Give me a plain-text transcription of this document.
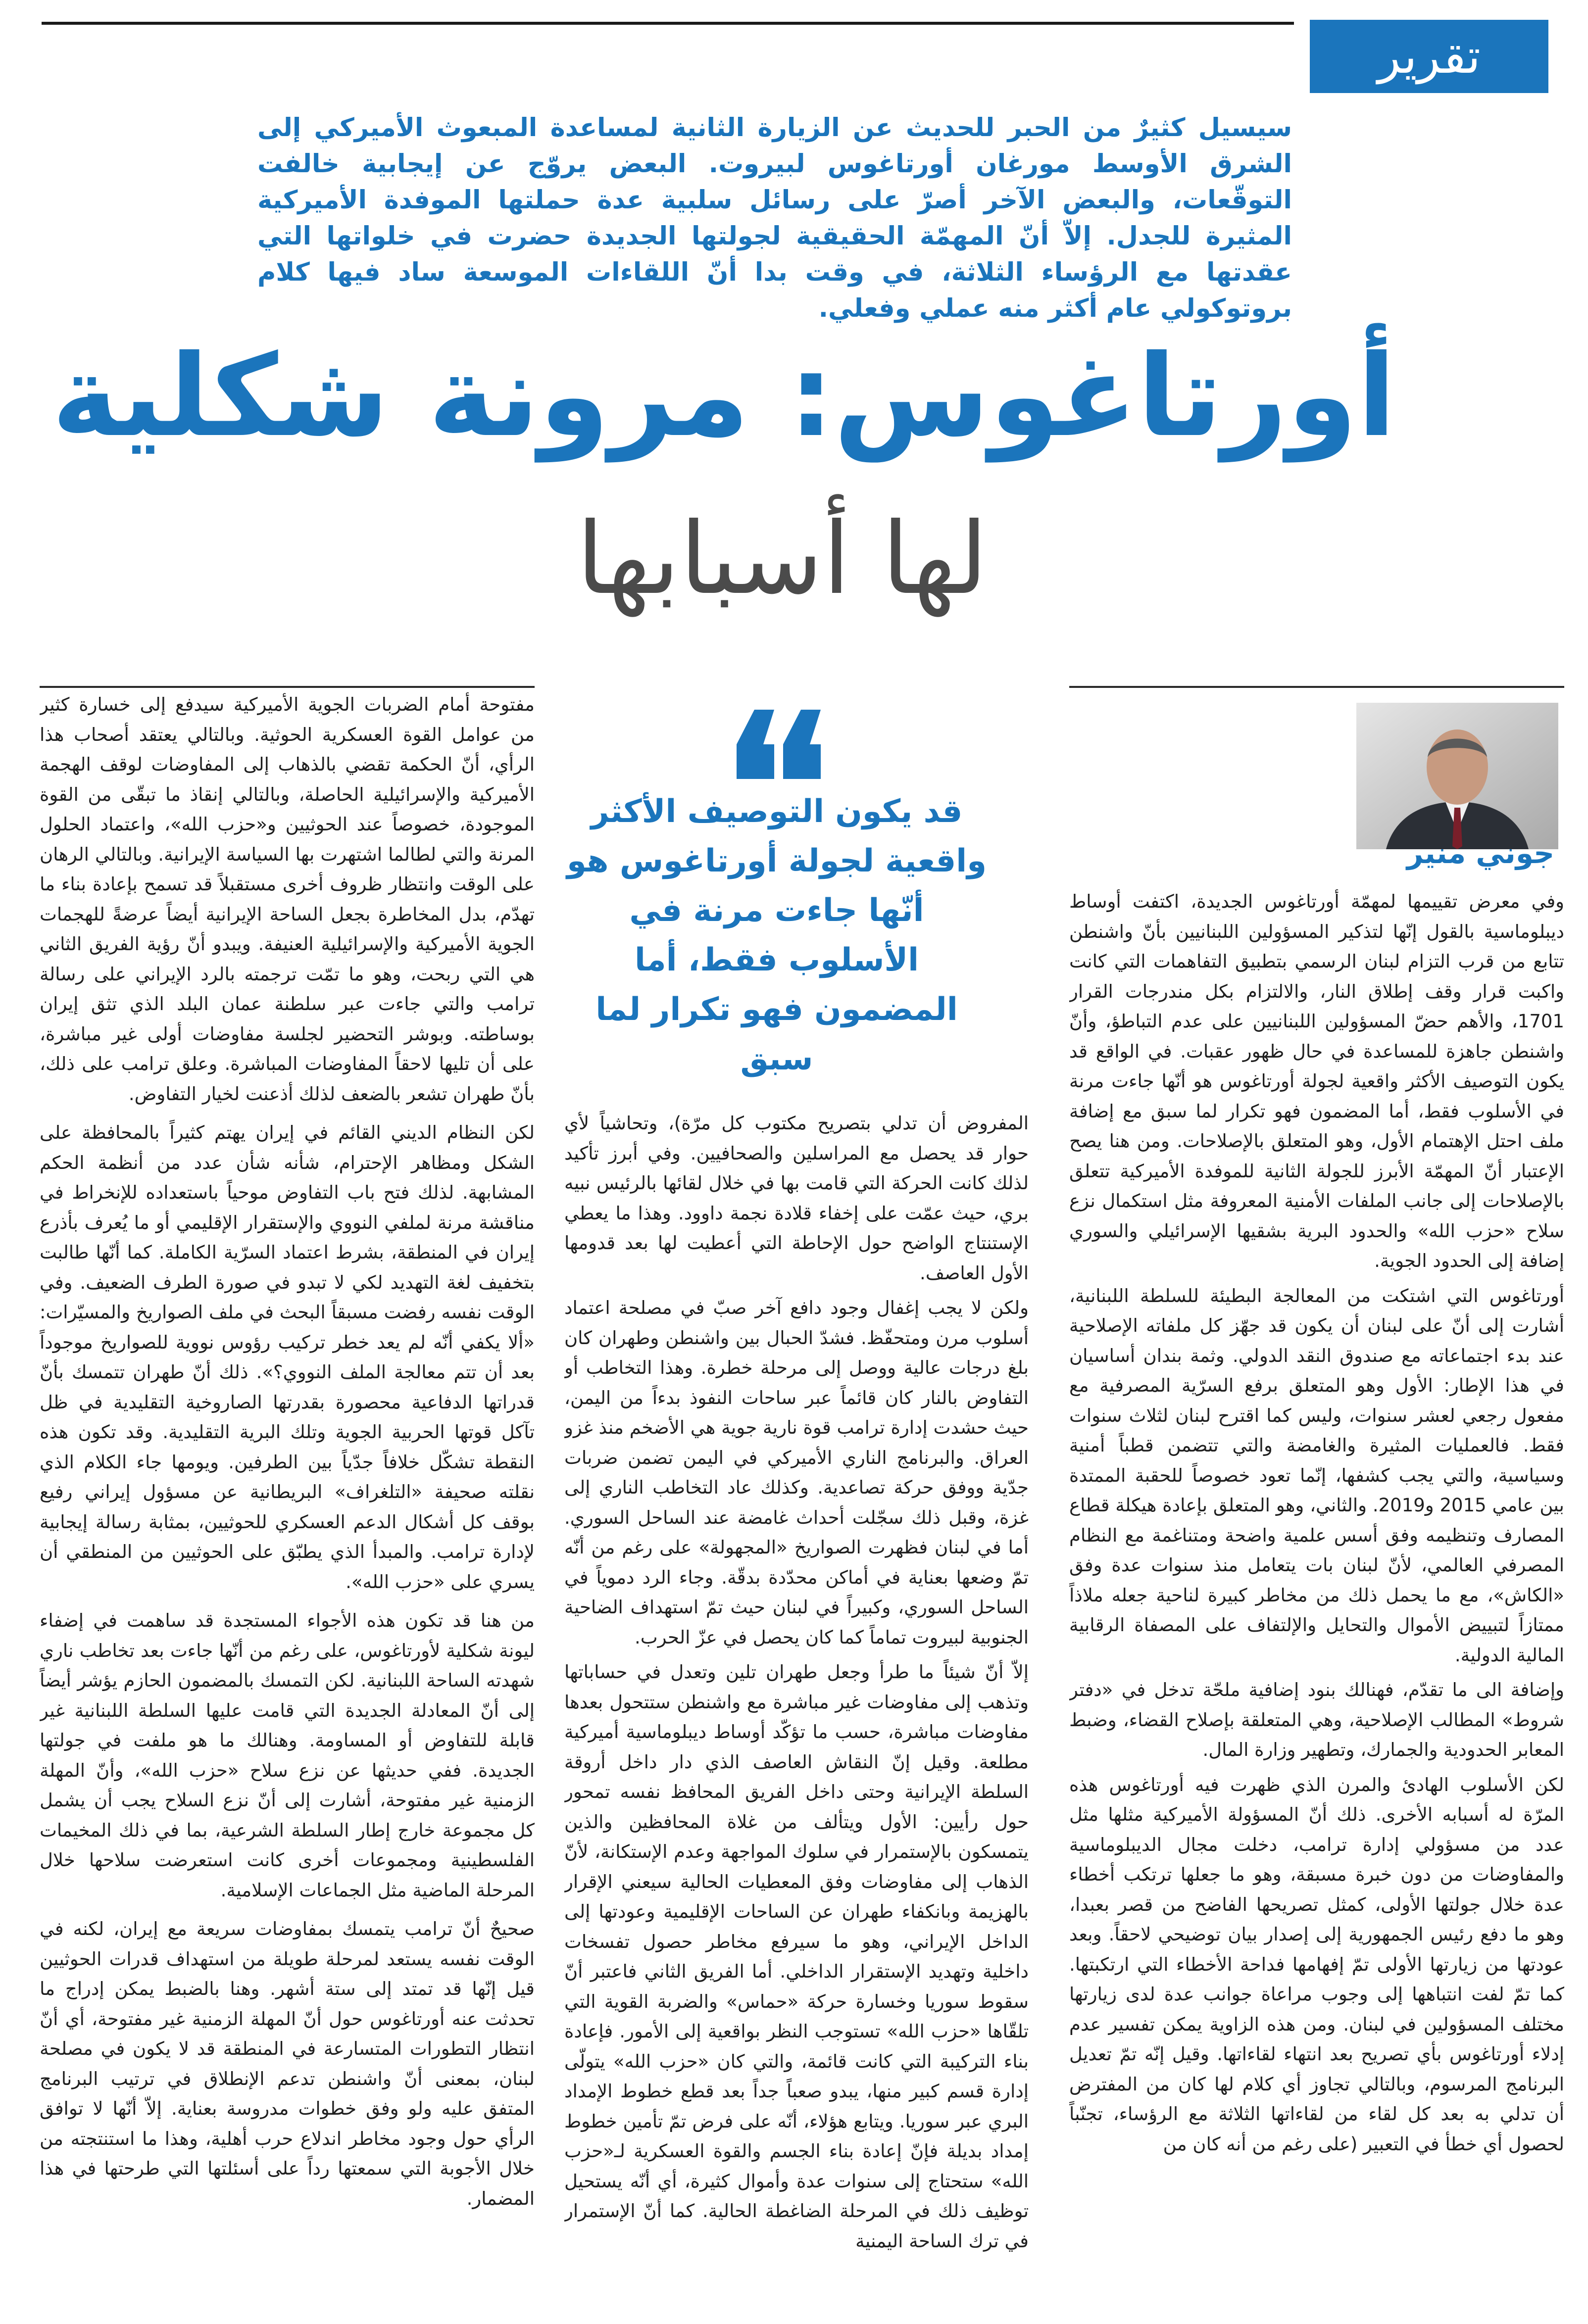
تقرير

سيسيل كثيرٌ من الحبر للحديث عن الزيارة الثانية لمساعدة المبعوث الأميركي إلى الشرق الأوسط مورغان أورتاغوس لبيروت. البعض يروّج عن إيجابية خالفت التوقّعات، والبعض الآخر أصرّ على رسائل سلبية عدة حملتها الموفدة الأميركية المثيرة للجدل. إلاّ أنّ المهمّة الحقيقية لجولتها الجديدة حضرت في خلواتها التي عقدتها مع الرؤساء الثلاثة، في وقت بدا أنّ اللقاءات الموسعة ساد فيها كلام بروتوكولي عام أكثر منه عملي وفعلي.

أورتاغوس: مرونة شكلية
لها أسبابها

جوني منير

قد يكون التوصيف الأكثر واقعية لجولة أورتاغوس هو أنّها جاءت مرنة في الأسلوب فقط، أما المضمون فهو تكرار لما سبق

وفي معرض تقييمها لمهمّة أورتاغوس الجديدة، اكتفت أوساط ديبلوماسية بالقول إنّها لتذكير المسؤولين اللبنانيين بأنّ واشنطن تتابع من قرب التزام لبنان الرسمي بتطبيق التفاهمات التي كانت واكبت قرار وقف إطلاق النار، والالتزام بكل مندرجات القرار 1701، والأهم حضّ المسؤولين اللبنانيين على عدم التباطؤ، وأنّ واشنطن جاهزة للمساعدة في حال ظهور عقبات. في الواقع قد يكون التوصيف الأكثر واقعية لجولة أورتاغوس هو أنّها جاءت مرنة في الأسلوب فقط، أما المضمون فهو تكرار لما سبق مع إضافة ملف احتل الإهتمام الأول، وهو المتعلق بالإصلاحات. ومن هنا يصح الإعتبار أنّ المهمّة الأبرز للجولة الثانية للموفدة الأميركية تتعلق بالإصلاحات إلى جانب الملفات الأمنية المعروفة مثل استكمال نزع سلاح «حزب الله» والحدود البرية بشقيها الإسرائيلي والسوري إضافة إلى الحدود الجوية.

أورتاغوس التي اشتكت من المعالجة البطيئة للسلطة اللبنانية، أشارت إلى أنّ على لبنان أن يكون قد جهّز كل ملفاته الإصلاحية عند بدء اجتماعاته مع صندوق النقد الدولي. وثمة بندان أساسيان في هذا الإطار: الأول وهو المتعلق برفع السرّية المصرفية مع مفعول رجعي لعشر سنوات، وليس كما اقترح لبنان لثلاث سنوات فقط. فالعمليات المثيرة والغامضة والتي تتضمن قطباً أمنية وسياسية، والتي يجب كشفها، إنّما تعود خصوصاً للحقبة الممتدة بين عامي 2015 و2019. والثاني، وهو المتعلق بإعادة هيكلة قطاع المصارف وتنظيمه وفق أسس علمية واضحة ومتناغمة مع النظام المصرفي العالمي، لأنّ لبنان بات يتعامل منذ سنوات عدة وفق «الكاش»، مع ما يحمل ذلك من مخاطر كبيرة لناحية جعله ملاذاً ممتازاً لتبييض الأموال والتحايل والإلتفاف على المصفاة الرقابية المالية الدولية.

وإضافة الى ما تقدّم، فهنالك بنود إضافية ملحّة تدخل في «دفتر شروط» المطالب الإصلاحية، وهي المتعلقة بإصلاح القضاء، وضبط المعابر الحدودية والجمارك، وتطهير وزارة المال.

لكن الأسلوب الهادئ والمرن الذي ظهرت فيه أورتاغوس هذه المرّة له أسبابه الأخرى. ذلك أنّ المسؤولة الأميركية مثلها مثل عدد من مسؤولي إدارة ترامب، دخلت مجال الديبلوماسية والمفاوضات من دون خبرة مسبقة، وهو ما جعلها ترتكب أخطاء عدة خلال جولتها الأولى، كمثل تصريحها الفاضح من قصر بعبدا، وهو ما دفع رئيس الجمهورية إلى إصدار بيان توضيحي لاحقاً. وبعد عودتها من زيارتها الأولى تمّ إفهامها فداحة الأخطاء التي ارتكبتها. كما تمّ لفت انتباهها إلى وجوب مراعاة جوانب عدة لدى زيارتها مختلف المسؤولين في لبنان. ومن هذه الزاوية يمكن تفسير عدم إدلاء أورتاغوس بأي تصريح بعد انتهاء لقاءاتها. وقيل إنّه تمّ تعديل البرنامج المرسوم، وبالتالي تجاوز أي كلام لها كان من المفترض أن تدلي به بعد كل لقاء من لقاءاتها الثلاثة مع الرؤساء، تجنّباً لحصول أي خطأ في التعبير (على رغم من أنه كان من

المفروض أن تدلي بتصريح مكتوب كل مرّة)، وتحاشياً لأي حوار قد يحصل مع المراسلين والصحافيين. وفي أبرز تأكيد لذلك كانت الحركة التي قامت بها في خلال لقائها بالرئيس نبيه بري، حيث عمّت على إخفاء قلادة نجمة داوود. وهذا ما يعطي الإستنتاج الواضح حول الإحاطة التي أعطيت لها بعد قدومها الأول العاصف.

ولكن لا يجب إغفال وجود دافع آخر صبّ في مصلحة اعتماد أسلوب مرن ومتحفّظ. فشدّ الحبال بين واشنطن وطهران كان بلغ درجات عالية ووصل إلى مرحلة خطرة. وهذا التخاطب أو التفاوض بالنار كان قائماً عبر ساحات النفوذ بدءاً من اليمن، حيث حشدت إدارة ترامب قوة نارية جوية هي الأضخم منذ غزو العراق. والبرنامج الناري الأميركي في اليمن تضمن ضربات جدّية ووفق حركة تصاعدية. وكذلك عاد التخاطب الناري إلى غزة، وقبل ذلك سجّلت أحداث غامضة عند الساحل السوري. أما في لبنان فظهرت الصواريخ «المجهولة» على رغم من أنّه تمّ وضعها بعناية في أماكن محدّدة بدقّة. وجاء الرد دموياً في الساحل السوري، وكبيراً في لبنان حيث تمّ استهداف الضاحية الجنوبية لبيروت تماماً كما كان يحصل في عزّ الحرب.

إلاّ أنّ شيئاً ما طرأ وجعل طهران تلين وتعدل في حساباتها وتذهب إلى مفاوضات غير مباشرة مع واشنطن ستتحول بعدها مفاوضات مباشرة، حسب ما تؤكّد أوساط ديبلوماسية أميركية مطلعة. وقيل إنّ النقاش العاصف الذي دار داخل أروقة السلطة الإيرانية وحتى داخل الفريق المحافظ نفسه تمحور حول رأيين: الأول ويتألف من غلاة المحافظين والذين يتمسكون بالإستمرار في سلوك المواجهة وعدم الإستكانة، لأنّ الذهاب إلى مفاوضات وفق المعطيات الحالية سيعني الإقرار بالهزيمة وبانكفاء طهران عن الساحات الإقليمية وعودتها إلى الداخل الإيراني، وهو ما سيرفع مخاطر حصول تفسخات داخلية وتهديد الإستقرار الداخلي. أما الفريق الثاني فاعتبر أنّ سقوط سوريا وخسارة حركة «حماس» والضربة القوية التي تلقّاها «حزب الله» تستوجب النظر بواقعية إلى الأمور. فإعادة بناء التركيبة التي كانت قائمة، والتي كان «حزب الله» يتولّى إدارة قسم كبير منها، يبدو صعباً جداً بعد قطع خطوط الإمداد البري عبر سوريا. ويتابع هؤلاء، أنّه على فرض تمّ تأمين خطوط إمداد بديلة فإنّ إعادة بناء الجسم والقوة العسكرية لـ«حزب الله» ستحتاج إلى سنوات عدة وأموال كثيرة، أي أنّه يستحيل توظيف ذلك في المرحلة الضاغطة الحالية. كما أنّ الإستمرار في ترك الساحة اليمنية

مفتوحة أمام الضربات الجوية الأميركية سيدفع إلى خسارة كثير من عوامل القوة العسكرية الحوثية. وبالتالي يعتقد أصحاب هذا الرأي، أنّ الحكمة تقضي بالذهاب إلى المفاوضات لوقف الهجمة الأميركية والإسرائيلية الحاصلة، وبالتالي إنقاذ ما تبقّى من القوة الموجودة، خصوصاً عند الحوثيين و«حزب الله»، واعتماد الحلول المرنة والتي لطالما اشتهرت بها السياسة الإيرانية. وبالتالي الرهان على الوقت وانتظار ظروف أخرى مستقبلاً قد تسمح بإعادة بناء ما تهدّم، بدل المخاطرة بجعل الساحة الإيرانية أيضاً عرضةً للهجمات الجوية الأميركية والإسرائيلية العنيفة. ويبدو أنّ رؤية الفريق الثاني هي التي ربحت، وهو ما تمّت ترجمته بالرد الإيراني على رسالة ترامب والتي جاءت عبر سلطنة عمان البلد الذي تثق إيران بوساطته. وبوشر التحضير لجلسة مفاوضات أولى غير مباشرة، على أن تليها لاحقاً المفاوضات المباشرة. وعلق ترامب على ذلك، بأنّ طهران تشعر بالضعف لذلك أذعنت لخيار التفاوض.

لكن النظام الديني القائم في إيران يهتم كثيراً بالمحافظة على الشكل ومظاهر الإحترام، شأنه شأن عدد من أنظمة الحكم المشابهة. لذلك فتح باب التفاوض موحياً باستعداده للإنخراط في مناقشة مرنة لملفي النووي والإستقرار الإقليمي أو ما يُعرف بأذرع إيران في المنطقة، بشرط اعتماد السرّية الكاملة. كما أنّها طالبت بتخفيف لغة التهديد لكي لا تبدو في صورة الطرف الضعيف. وفي الوقت نفسه رفضت مسبقاً البحث في ملف الصواريخ والمسيّرات: «ألا يكفي أنّه لم يعد خطر تركيب رؤوس نووية للصواريخ موجوداً بعد أن تتم معالجة الملف النووي؟». ذلك أنّ طهران تتمسك بأنّ قدراتها الدفاعية محصورة بقدرتها الصاروخية التقليدية في ظل تآكل قوتها الحربية الجوية وتلك البرية التقليدية. وقد تكون هذه النقطة تشكّل خلافاً جدّياً بين الطرفين. ويومها جاء الكلام الذي نقلته صحيفة «التلغراف» البريطانية عن مسؤول إيراني رفيع بوقف كل أشكال الدعم العسكري للحوثيين، بمثابة رسالة إيجابية لإدارة ترامب. والمبدأ الذي يطبّق على الحوثيين من المنطقي أن يسري على «حزب الله».

من هنا قد تكون هذه الأجواء المستجدة قد ساهمت في إضفاء ليونة شكلية لأورتاغوس، على رغم من أنّها جاءت بعد تخاطب ناري شهدته الساحة اللبنانية. لكن التمسك بالمضمون الحازم يؤشر أيضاً إلى أنّ المعادلة الجديدة التي قامت عليها السلطة اللبنانية غير قابلة للتفاوض أو المساومة. وهنالك ما هو ملفت في جولتها الجديدة. ففي حديثها عن نزع سلاح «حزب الله»، وأنّ المهلة الزمنية غير مفتوحة، أشارت إلى أنّ نزع السلاح يجب أن يشمل كل مجموعة خارج إطار السلطة الشرعية، بما في ذلك المخيمات الفلسطينية ومجموعات أخرى كانت استعرضت سلاحها خلال المرحلة الماضية مثل الجماعات الإسلامية.

صحيحٌ أنّ ترامب يتمسك بمفاوضات سريعة مع إيران، لكنه في الوقت نفسه يستعد لمرحلة طويلة من استهداف قدرات الحوثيين قيل إنّها قد تمتد إلى ستة أشهر. وهنا بالضبط يمكن إدراج ما تحدثت عنه أورتاغوس حول أنّ المهلة الزمنية غير مفتوحة، أي أنّ انتظار التطورات المتسارعة في المنطقة قد لا يكون في مصلحة لبنان، بمعنى أنّ واشنطن تدعم الإنطلاق في ترتيب البرنامج المتفق عليه ولو وفق خطوات مدروسة بعناية. إلاّ أنّها لا توافق الرأي حول وجود مخاطر اندلاع حرب أهلية، وهذا ما استنتجته من خلال الأجوبة التي سمعتها رداً على أسئلتها التي طرحتها في هذا المضمار.
